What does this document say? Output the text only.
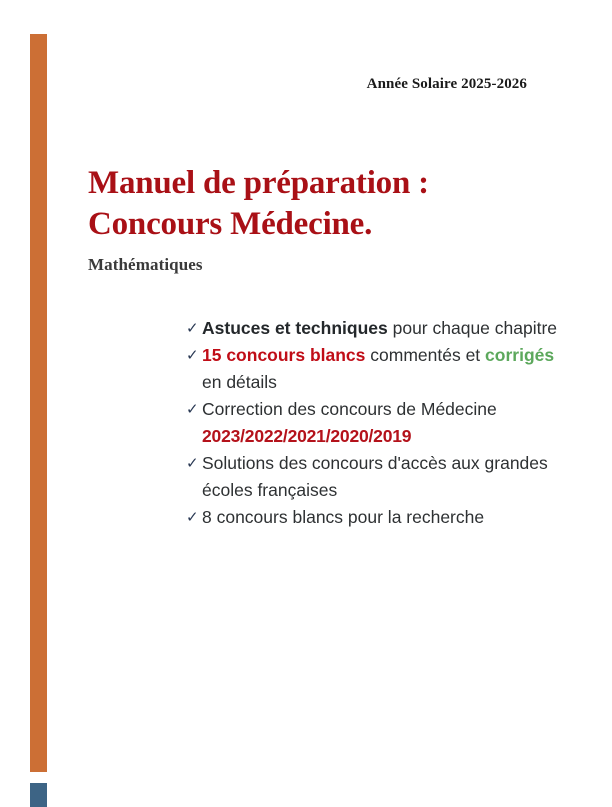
Année Solaire 2025-2026
Manuel de préparation :
Concours Médecine.
Mathématiques
✓ Astuces et techniques pour chaque chapitre
✓ 15 concours blancs commentés et corrigés en détails
✓ Correction des concours de Médecine
2023/2022/2021/2020/2019
✓ Solutions des concours d'accès aux grandes écoles françaises
✓ 8 concours blancs pour la recherche
